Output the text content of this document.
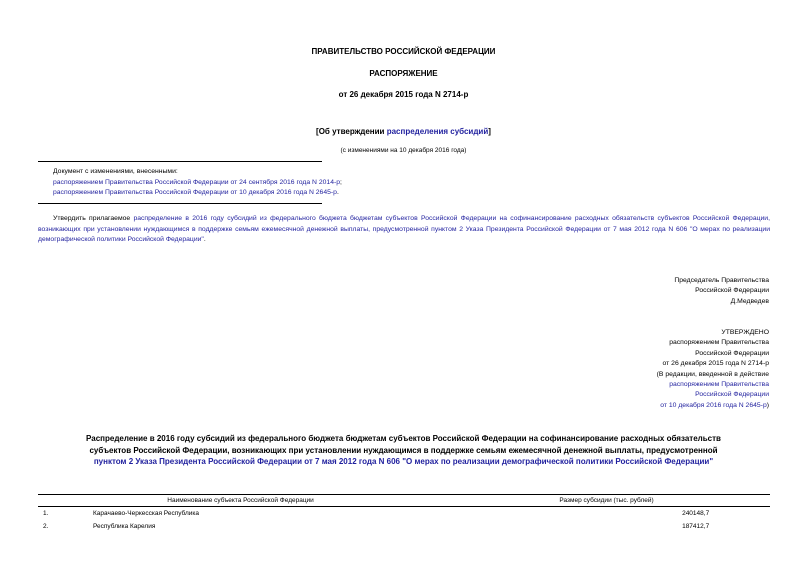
ПРАВИТЕЛЬСТВО РОССИЙСКОЙ ФЕДЕРАЦИИ
РАСПОРЯЖЕНИЕ
от 26 декабря 2015 года N 2714-р
[Об утверждении распределения субсидий]
(с изменениями на 10 декабря 2016 года)
Документ с изменениями, внесенными:
распоряжением Правительства Российской Федерации от 24 сентября 2016 года N 2014-р;
распоряжением Правительства Российской Федерации от 10 декабря 2016 года N 2645-р.
Утвердить прилагаемое распределение в 2016 году субсидий из федерального бюджета бюджетам субъектов Российской Федерации на софинансирование расходных обязательств субъектов Российской Федерации, возникающих при установлении нуждающимся в поддержке семьям ежемесячной денежной выплаты, предусмотренной пунктом 2 Указа Президента Российской Федерации от 7 мая 2012 года N 606 "О мерах по реализации демографической политики Российской Федерации".
Председатель Правительства
Российской Федерации
Д.Медведев
УТВЕРЖДЕНО
распоряжением Правительства
Российской Федерации
от 26 декабря 2015 года N 2714-р
(В редакции, введенной в действие
распоряжением Правительства
Российской Федерации
от 10 декабря 2016 года N 2645-р)
Распределение в 2016 году субсидий из федерального бюджета бюджетам субъектов Российской Федерации на софинансирование расходных обязательств
субъектов Российской Федерации, возникающих при установлении нуждающимся в поддержке семьям ежемесячной денежной выплаты, предусмотренной
пунктом 2 Указа Президента Российской Федерации от 7 мая 2012 года N 606 "О мерах по реализации демографической политики Российской Федерации"
Наименование субъекта Российской Федерации		Размер субсидии (тыс. рублей)
1.	Карачаево-Черкесская Республика	240148,7
2.	Республика Карелия	187412,7
